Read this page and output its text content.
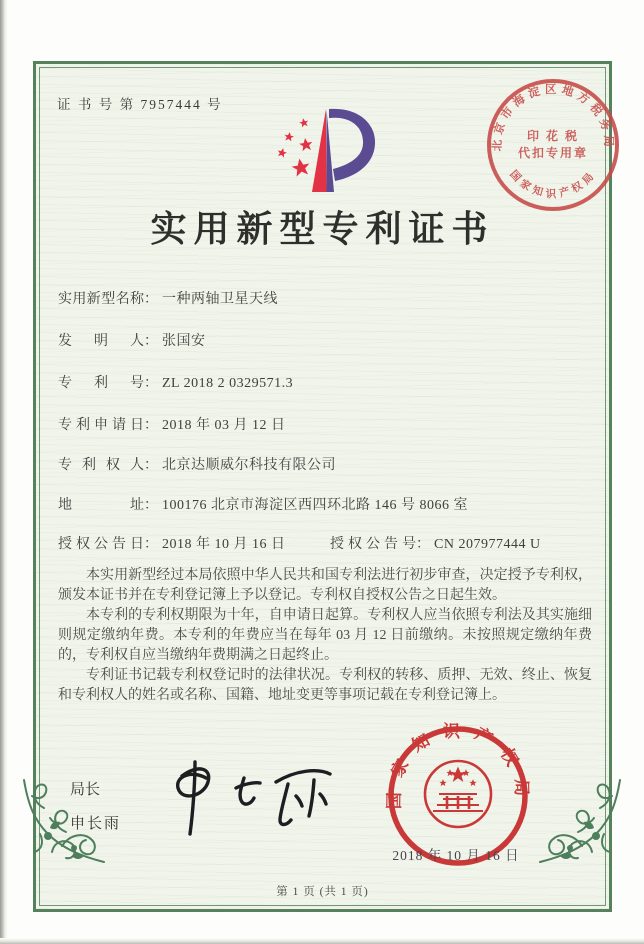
证 书 号 第 7957444 号
实用新型专利证书
实用新型名称： 一种两轴卫星天线
发明人： 张国安
专利号： ZL 2018 2 0329571.3
专利申请日： 2018 年 03 月 12 日
专利权人： 北京达顺威尔科技有限公司
地址： 100176 北京市海淀区西四环北路 146 号 8066 室
授权公告日： 2018 年 10 月 16 日	授权公告号： CN 207977444 U

本实用新型经过本局依照中华人民共和国专利法进行初步审查，决定授予专利权，颁发本证书并在专利登记簿上予以登记。专利权自授权公告之日起生效。

本专利的专利权期限为十年，自申请日起算。专利权人应当依照专利法及其实施细则规定缴纳年费。本专利的年费应当在每年 03 月 12 日前缴纳。未按照规定缴纳年费的，专利权自应当缴纳年费期满之日起终止。

专利证书记载专利权登记时的法律状况。专利权的转移、质押、无效、终止、恢复和专利权人的姓名或名称、国籍、地址变更等事项记载在专利登记簿上。

局长
申长雨
国家知识产权局
2018 年 10 月 16 日
北京市海淀区地方税务局
国家知识产权局
印 花 税
代扣专用章
第 1 页 (共 1 页)
